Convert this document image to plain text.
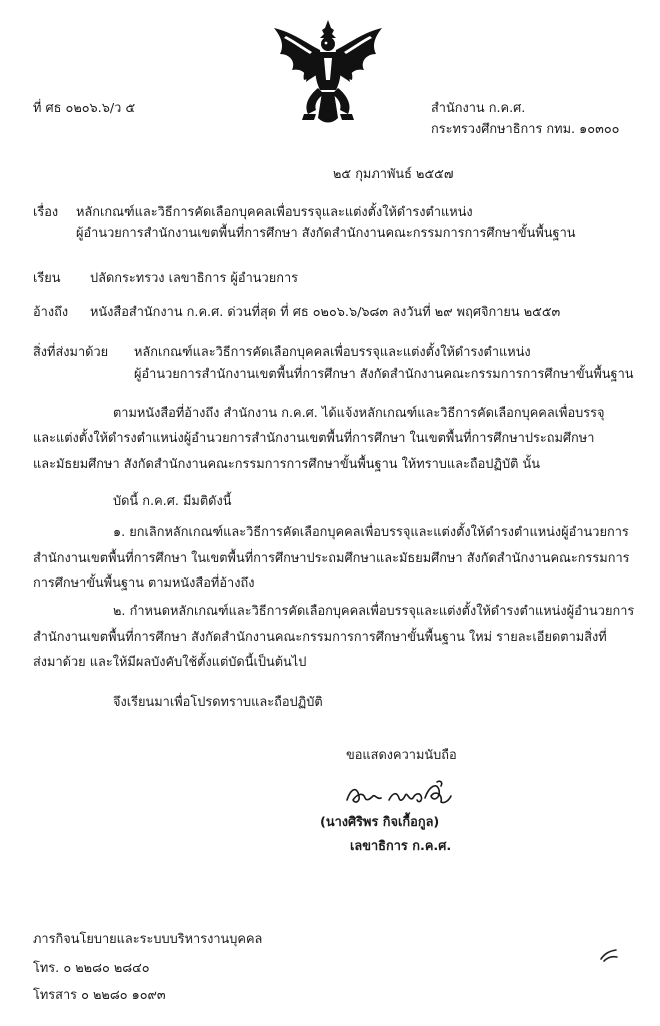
ที่ ศธ ๐๒๐๖.๖/ว ๕	สำนักงาน ก.ค.ศ.
กระทรวงศึกษาธิการ กทม. ๑๐๓๐๐
๒๕ กุมภาพันธ์ ๒๕๕๗
เรื่อง หลักเกณฑ์และวิธีการคัดเลือกบุคคลเพื่อบรรจุและแต่งตั้งให้ดำรงตำแหน่ง
ผู้อำนวยการสำนักงานเขตพื้นที่การศึกษา สังกัดสำนักงานคณะกรรมการการศึกษาขั้นพื้นฐาน
เรียน ปลัดกระทรวง เลขาธิการ ผู้อำนวยการ
อ้างถึง หนังสือสำนักงาน ก.ค.ศ. ด่วนที่สุด ที่ ศธ ๐๒๐๖.๖/๖๘๓ ลงวันที่ ๒๙ พฤศจิกายน ๒๕๕๓
สิ่งที่ส่งมาด้วย หลักเกณฑ์และวิธีการคัดเลือกบุคคลเพื่อบรรจุและแต่งตั้งให้ดำรงตำแหน่ง
ผู้อำนวยการสำนักงานเขตพื้นที่การศึกษา สังกัดสำนักงานคณะกรรมการการศึกษาขั้นพื้นฐาน
ตามหนังสือที่อ้างถึง สำนักงาน ก.ค.ศ. ได้แจ้งหลักเกณฑ์และวิธีการคัดเลือกบุคคลเพื่อบรรจุ
และแต่งตั้งให้ดำรงตำแหน่งผู้อำนวยการสำนักงานเขตพื้นที่การศึกษา ในเขตพื้นที่การศึกษาประถมศึกษา
และมัธยมศึกษา สังกัดสำนักงานคณะกรรมการการศึกษาขั้นพื้นฐาน ให้ทราบและถือปฏิบัติ นั้น
บัดนี้ ก.ค.ศ. มีมติดังนี้
๑. ยกเลิกหลักเกณฑ์และวิธีการคัดเลือกบุคคลเพื่อบรรจุและแต่งตั้งให้ดำรงตำแหน่งผู้อำนวยการ
สำนักงานเขตพื้นที่การศึกษา ในเขตพื้นที่การศึกษาประถมศึกษาและมัธยมศึกษา สังกัดสำนักงานคณะกรรมการ
การศึกษาขั้นพื้นฐาน ตามหนังสือที่อ้างถึง
๒. กำหนดหลักเกณฑ์และวิธีการคัดเลือกบุคคลเพื่อบรรจุและแต่งตั้งให้ดำรงตำแหน่งผู้อำนวยการ
สำนักงานเขตพื้นที่การศึกษา สังกัดสำนักงานคณะกรรมการการศึกษาขั้นพื้นฐาน ใหม่ รายละเอียดตามสิ่งที่
ส่งมาด้วย และให้มีผลบังคับใช้ตั้งแต่บัดนี้เป็นต้นไป
จึงเรียนมาเพื่อโปรดทราบและถือปฏิบัติ
ขอแสดงความนับถือ
(นางศิริพร กิจเกื้อกูล)
เลขาธิการ ก.ค.ศ.
ภารกิจนโยบายและระบบบริหารงานบุคคล
โทร. ๐ ๒๒๘๐ ๒๘๔๐
โทรสาร ๐ ๒๒๘๐ ๑๐๙๓
